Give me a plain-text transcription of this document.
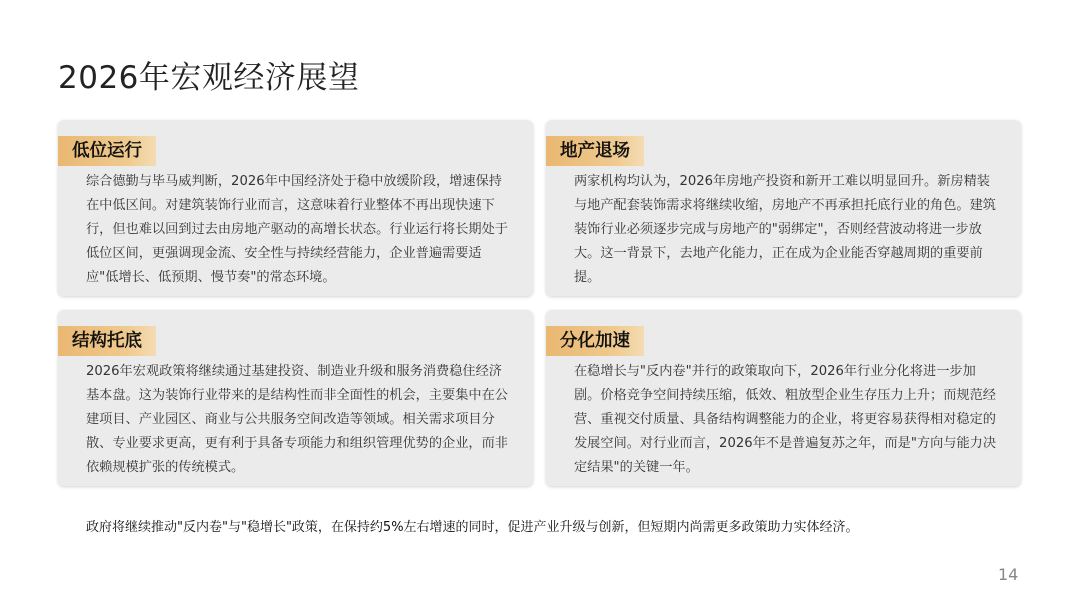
2026年宏观经济展望
低位运行

综合德勤与毕马威判断，2026年中国经济处于稳中放缓阶段，增速保持在中低区间。对建筑装饰行业而言，这意味着行业整体不再出现快速下行，但也难以回到过去由房地产驱动的高增长状态。行业运行将长期处于低位区间，更强调现金流、安全性与持续经营能力，企业普遍需要适应"低增长、低预期、慢节奏"的常态环境。

地产退场

两家机构均认为，2026年房地产投资和新开工难以明显回升。新房精装与地产配套装饰需求将继续收缩，房地产不再承担托底行业的角色。建筑装饰行业必须逐步完成与房地产的"弱绑定"，否则经营波动将进一步放大。这一背景下，去地产化能力，正在成为企业能否穿越周期的重要前提。

结构托底

2026年宏观政策将继续通过基建投资、制造业升级和服务消费稳住经济基本盘。这为装饰行业带来的是结构性而非全面性的机会，主要集中在公建项目、产业园区、商业与公共服务空间改造等领域。相关需求项目分散、专业要求更高，更有利于具备专项能力和组织管理优势的企业，而非依赖规模扩张的传统模式。

分化加速

在稳增长与"反内卷"并行的政策取向下，2026年行业分化将进一步加剧。价格竞争空间持续压缩，低效、粗放型企业生存压力上升；而规范经营、重视交付质量、具备结构调整能力的企业，将更容易获得相对稳定的发展空间。对行业而言，2026年不是普遍复苏之年，而是"方向与能力决定结果"的关键一年。

政府将继续推动"反内卷"与"稳增长"政策，在保持约5%左右增速的同时，促进产业升级与创新，但短期内尚需更多政策助力实体经济。

14
